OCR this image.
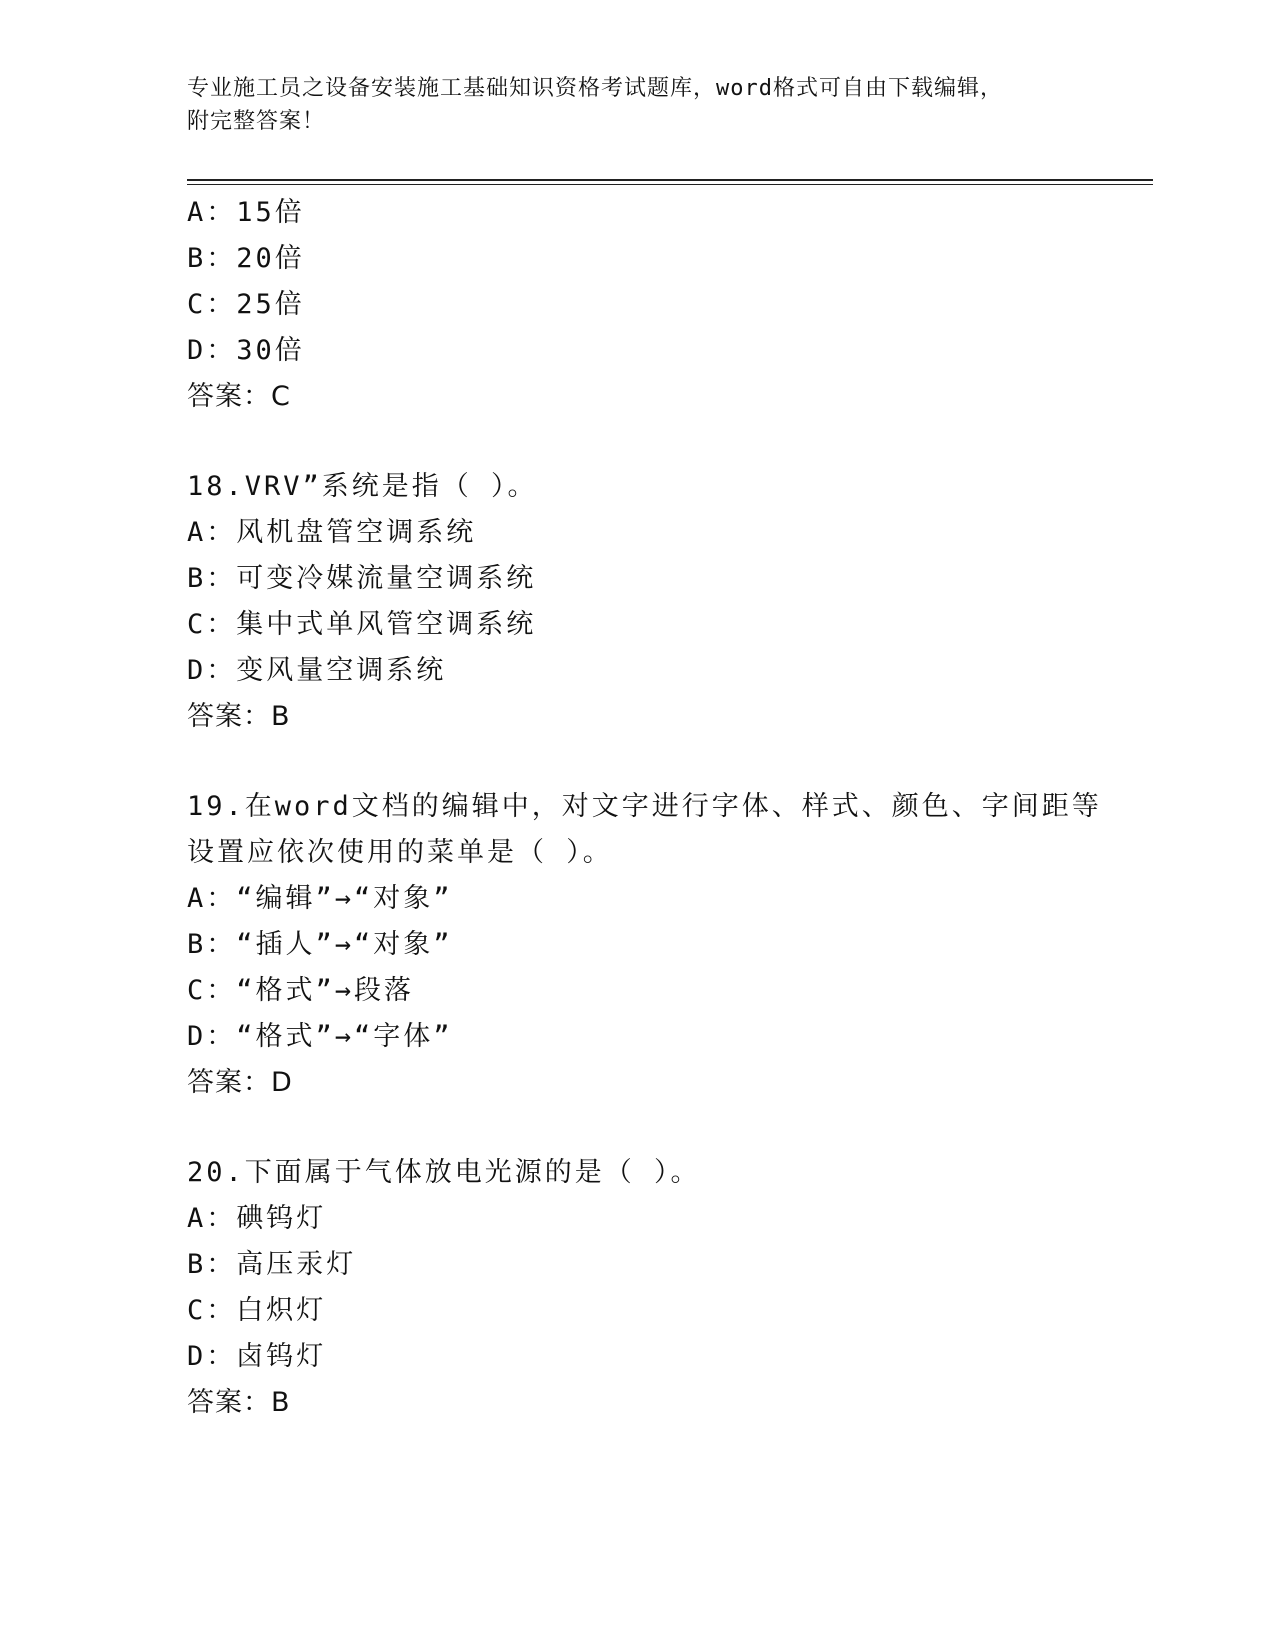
专业施工员之设备安装施工基础知识资格考试题库，word格式可自由下载编辑，
附完整答案！
A：15倍
B：20倍
C：25倍
D：30倍
答案：C
18.VRV”系统是指（ ）。
A：风机盘管空调系统
B：可变冷媒流量空调系统
C：集中式单风管空调系统
D：变风量空调系统
答案：B
19.在word文档的编辑中，对文字进行字体、样式、颜色、字间距等
设置应依次使用的菜单是（ ）。
A：“编辑”→“对象”
B：“插人”→“对象”
C：“格式”→段落
D：“格式”→“字体”
答案：D
20.下面属于气体放电光源的是（ ）。
A：碘钨灯
B：高压汞灯
C：白炽灯
D：卤钨灯
答案：B
